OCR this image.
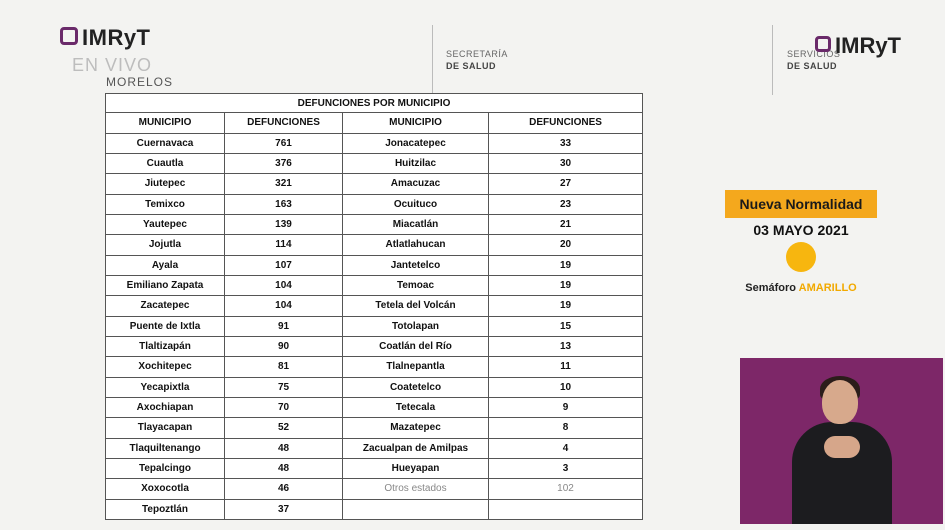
IMRyT
EN VIVO
MORELOS
SECRETARÍA
DE SALUD
SERVICIOS
DE SALUD
IMRyT
DEFUNCIONES POR MUNICIPIO			
MUNICIPIO	DEFUNCIONES	MUNICIPIO	DEFUNCIONES
Cuernavaca	761	Jonacatepec	33
Cuautla	376	Huitzilac	30
Jiutepec	321	Amacuzac	27
Temixco	163	Ocuituco	23
Yautepec	139	Miacatlán	21
Jojutla	114	Atlatlahucan	20
Ayala	107	Jantetelco	19
Emiliano Zapata	104	Temoac	19
Zacatepec	104	Tetela del Volcán	19
Puente de Ixtla	91	Totolapan	15
Tlaltizapán	90	Coatlán del Río	13
Xochitepec	81	Tlalnepantla	11
Yecapixtla	75	Coatetelco	10
Axochiapan	70	Tetecala	9
Tlayacapan	52	Mazatepec	8
Tlaquiltenango	48	Zacualpan de Amilpas	4
Tepalcingo	48	Hueyapan	3
Xoxocotla	46	Otros estados	102
Tepoztlán	37		
Nueva Normalidad
03 MAYO 2021
Semáforo AMARILLO
